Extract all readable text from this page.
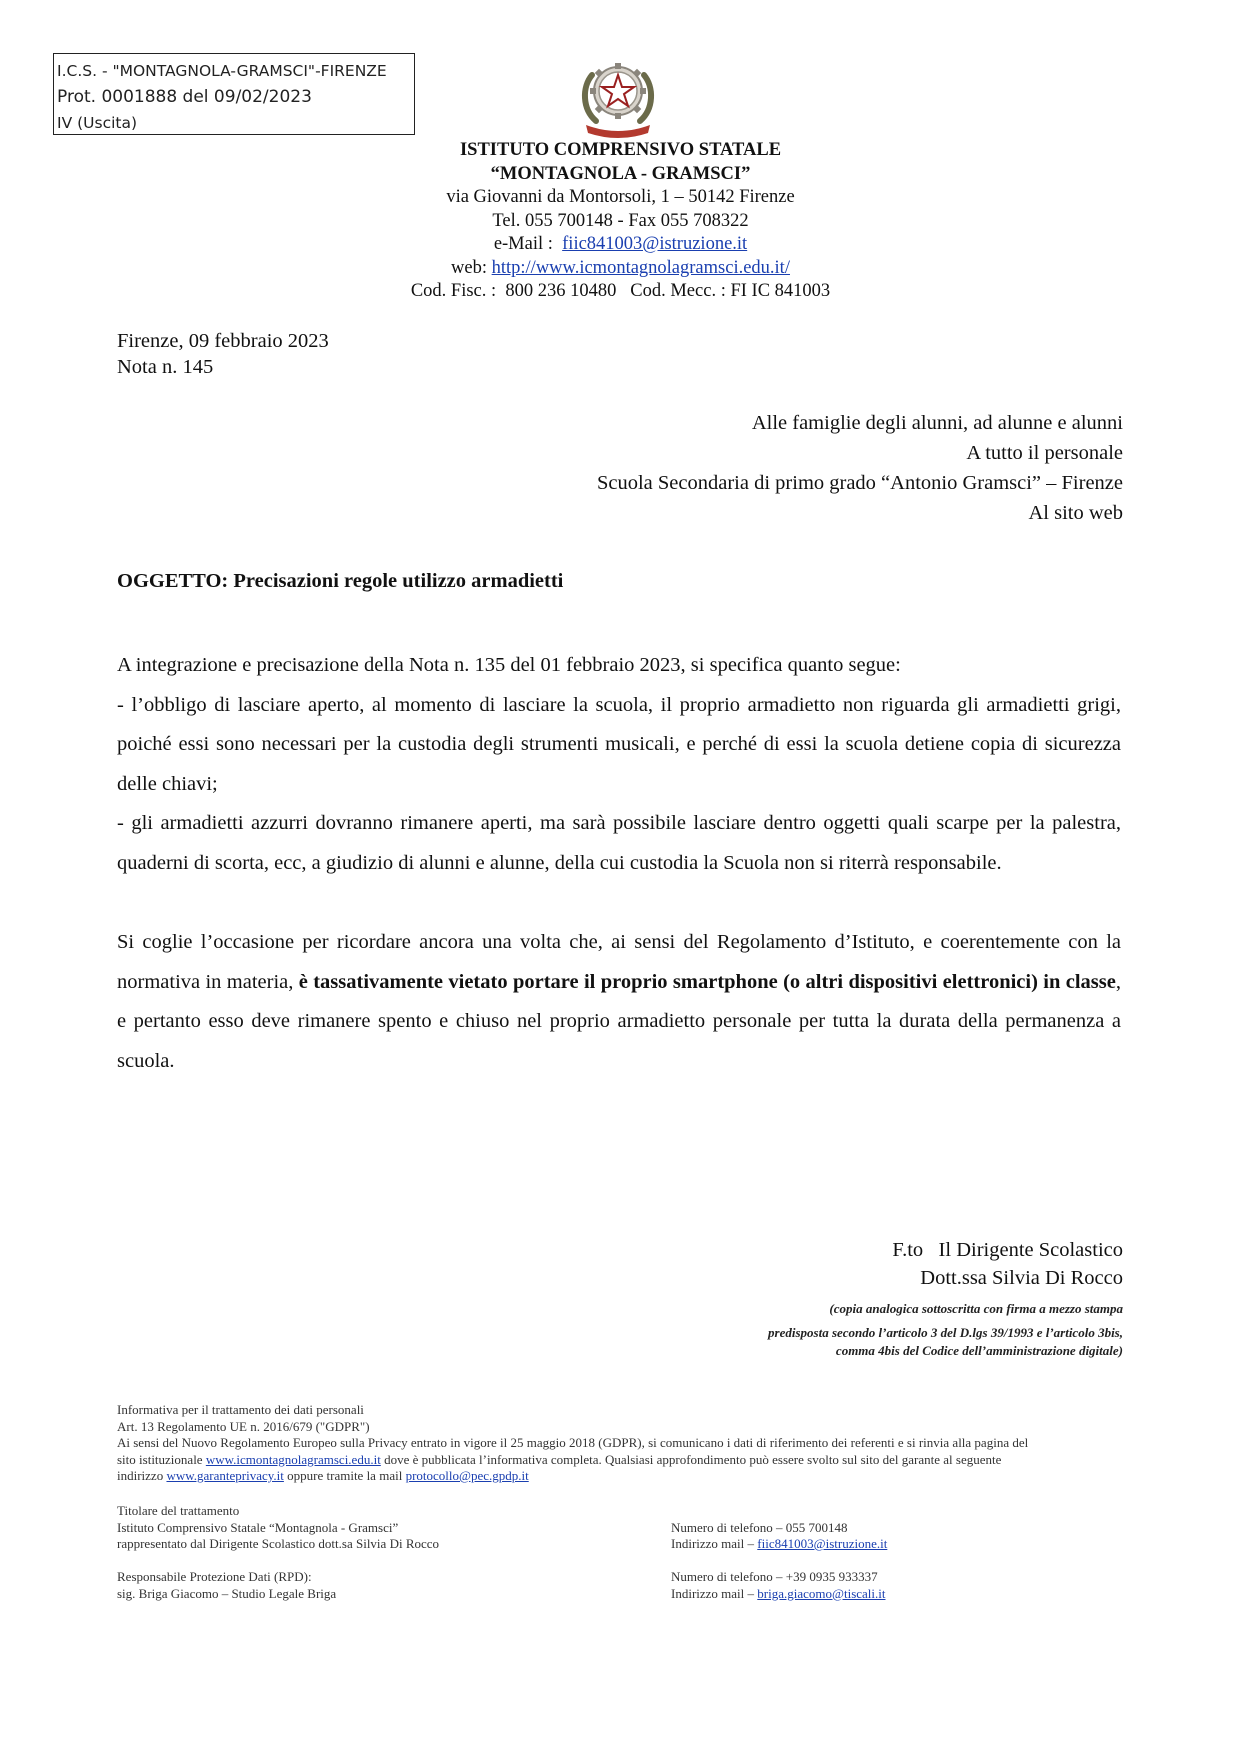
I.C.S. - "MONTAGNOLA-GRAMSCI"-FIRENZE
Prot. 0001888 del 09/02/2023
IV (Uscita)
ISTITUTO COMPRENSIVO STATALE
“MONTAGNOLA - GRAMSCI”
via Giovanni da Montorsoli, 1 – 50142 Firenze
Tel. 055 700148 - Fax 055 708322
e-Mail : fiic841003@istruzione.it
web: http://www.icmontagnolagramsci.edu.it/
Cod. Fisc. :  800 236 10480   Cod. Mecc. : FI IC 841003
Firenze, 09 febbraio 2023
Nota n. 145
Alle famiglie degli alunni, ad alunne e alunni
A tutto il personale
Scuola Secondaria di primo grado “Antonio Gramsci” – Firenze
Al sito web
OGGETTO: Precisazioni regole utilizzo armadietti

A integrazione e precisazione della Nota n. 135 del 01 febbraio 2023, si specifica quanto segue:

- l’obbligo di lasciare aperto, al momento di lasciare la scuola, il proprio armadietto non riguarda gli armadietti grigi, poiché essi sono necessari per la custodia degli strumenti musicali, e perché di essi la scuola detiene copia di sicurezza delle chiavi;

- gli armadietti azzurri dovranno rimanere aperti, ma sarà possibile lasciare dentro oggetti quali scarpe per la palestra, quaderni di scorta, ecc, a giudizio di alunni e alunne, della cui custodia la Scuola non si riterrà responsabile.

Si coglie l’occasione per ricordare ancora una volta che, ai sensi del Regolamento d’Istituto, e coerentemente con la normativa in materia, è tassativamente vietato portare il proprio smartphone (o altri dispositivi elettronici) in classe, e pertanto esso deve rimanere spento e chiuso nel proprio armadietto personale per tutta la durata della permanenza a scuola.

F.to   Il Dirigente Scolastico
Dott.ssa Silvia Di Rocco
(copia analogica sottoscritta con firma a mezzo stampa
predisposta secondo l’articolo 3 del D.lgs 39/1993 e l’articolo 3bis,
comma 4bis del Codice dell’amministrazione digitale)
Informativa per il trattamento dei dati personali
Art. 13 Regolamento UE n. 2016/679 ("GDPR")
Ai sensi del Nuovo Regolamento Europeo sulla Privacy entrato in vigore il 25 maggio 2018 (GDPR), si comunicano i dati di riferimento dei referenti e si rinvia alla pagina del sito istituzionale www.icmontagnolagramsci.edu.it dove è pubblicata l’informativa completa. Qualsiasi approfondimento può essere svolto sul sito del garante al seguente indirizzo www.garanteprivacy.it oppure tramite la mail protocollo@pec.gpdp.it
Titolare del trattamento
Istituto Comprensivo Statale “Montagnola - Gramsci”
rappresentato dal Dirigente Scolastico dott.sa Silvia Di Rocco
Numero di telefono – 055 700148
Indirizzo mail – fiic841003@istruzione.it
Responsabile Protezione Dati (RPD):
sig. Briga Giacomo – Studio Legale Briga
Numero di telefono – +39 0935 933337
Indirizzo mail – briga.giacomo@tiscali.it
